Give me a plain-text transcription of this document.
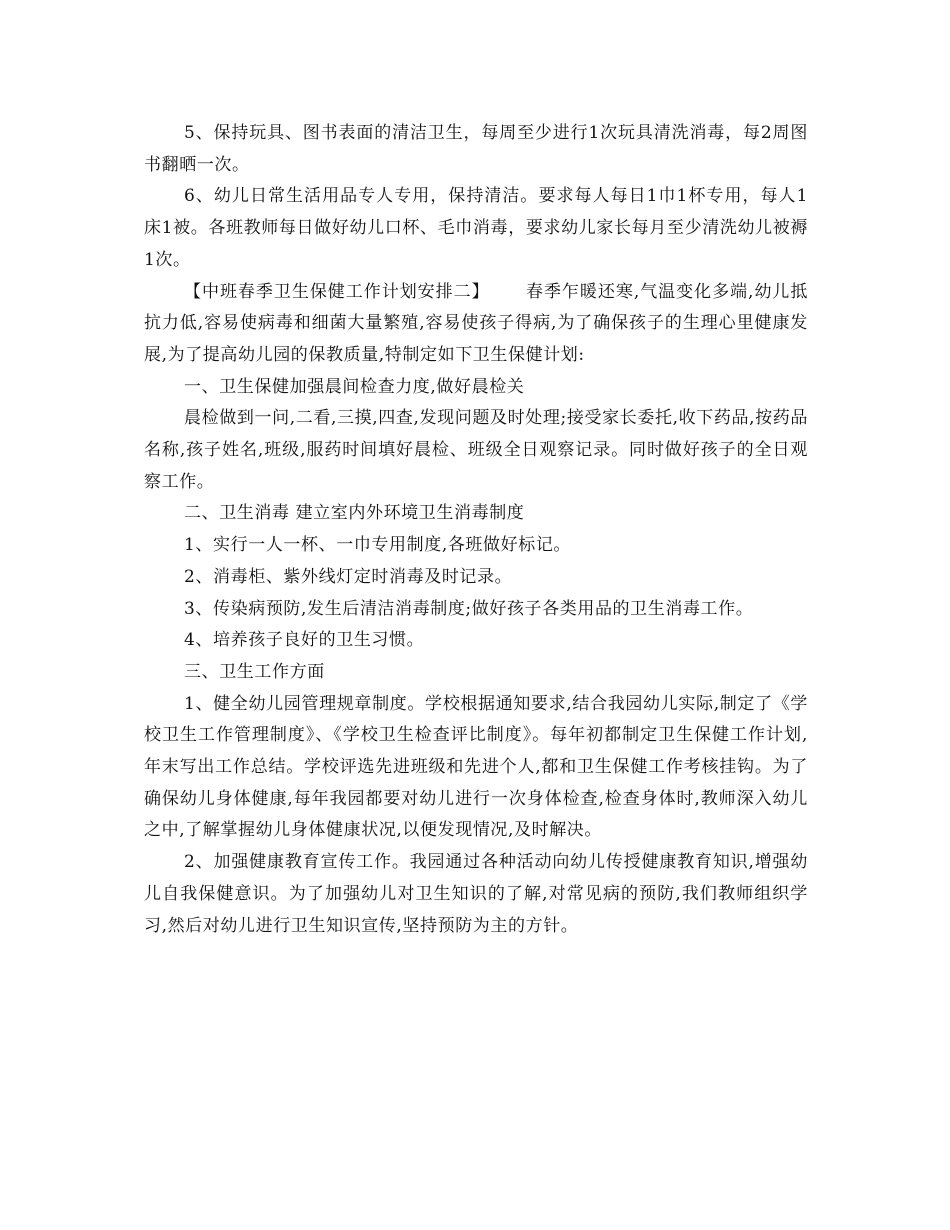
5、保持玩具、图书表面的清洁卫生，每周至少进行1次玩具清洗消毒，每2周图书翻晒一次。

6、幼儿日常生活用品专人专用，保持清洁。要求每人每日1巾1杯专用，每人1床1被。各班教师每日做好幼儿口杯、毛巾消毒，要求幼儿家长每月至少清洗幼儿被褥1次。

【中班春季卫生保健工作计划安排二】 春季乍暖还寒,气温变化多端,幼儿抵抗力低,容易使病毒和细菌大量繁殖,容易使孩子得病,为了确保孩子的生理心里健康发展,为了提高幼儿园的保教质量,特制定如下卫生保健计划:

一、卫生保健加强晨间检查力度,做好晨检关

晨检做到一问,二看,三摸,四查,发现问题及时处理;接受家长委托,收下药品,按药品名称,孩子姓名,班级,服药时间填好晨检、班级全日观察记录。同时做好孩子的全日观察工作。

二、卫生消毒 建立室内外环境卫生消毒制度

1、实行一人一杯、一巾专用制度,各班做好标记。

2、消毒柜、紫外线灯定时消毒及时记录。

3、传染病预防,发生后清洁消毒制度;做好孩子各类用品的卫生消毒工作。

4、培养孩子良好的卫生习惯。

三、卫生工作方面

1、健全幼儿园管理规章制度。学校根据通知要求,结合我园幼儿实际,制定了《学校卫生工作管理制度》、《学校卫生检查评比制度》。每年初都制定卫生保健工作计划,年末写出工作总结。学校评选先进班级和先进个人,都和卫生保健工作考核挂钩。为了确保幼儿身体健康,每年我园都要对幼儿进行一次身体检查,检查身体时,教师深入幼儿之中,了解掌握幼儿身体健康状况,以便发现情况,及时解决。

2、加强健康教育宣传工作。我园通过各种活动向幼儿传授健康教育知识,增强幼儿自我保健意识。为了加强幼儿对卫生知识的了解,对常见病的预防,我们教师组织学习,然后对幼儿进行卫生知识宣传,坚持预防为主的方针。
